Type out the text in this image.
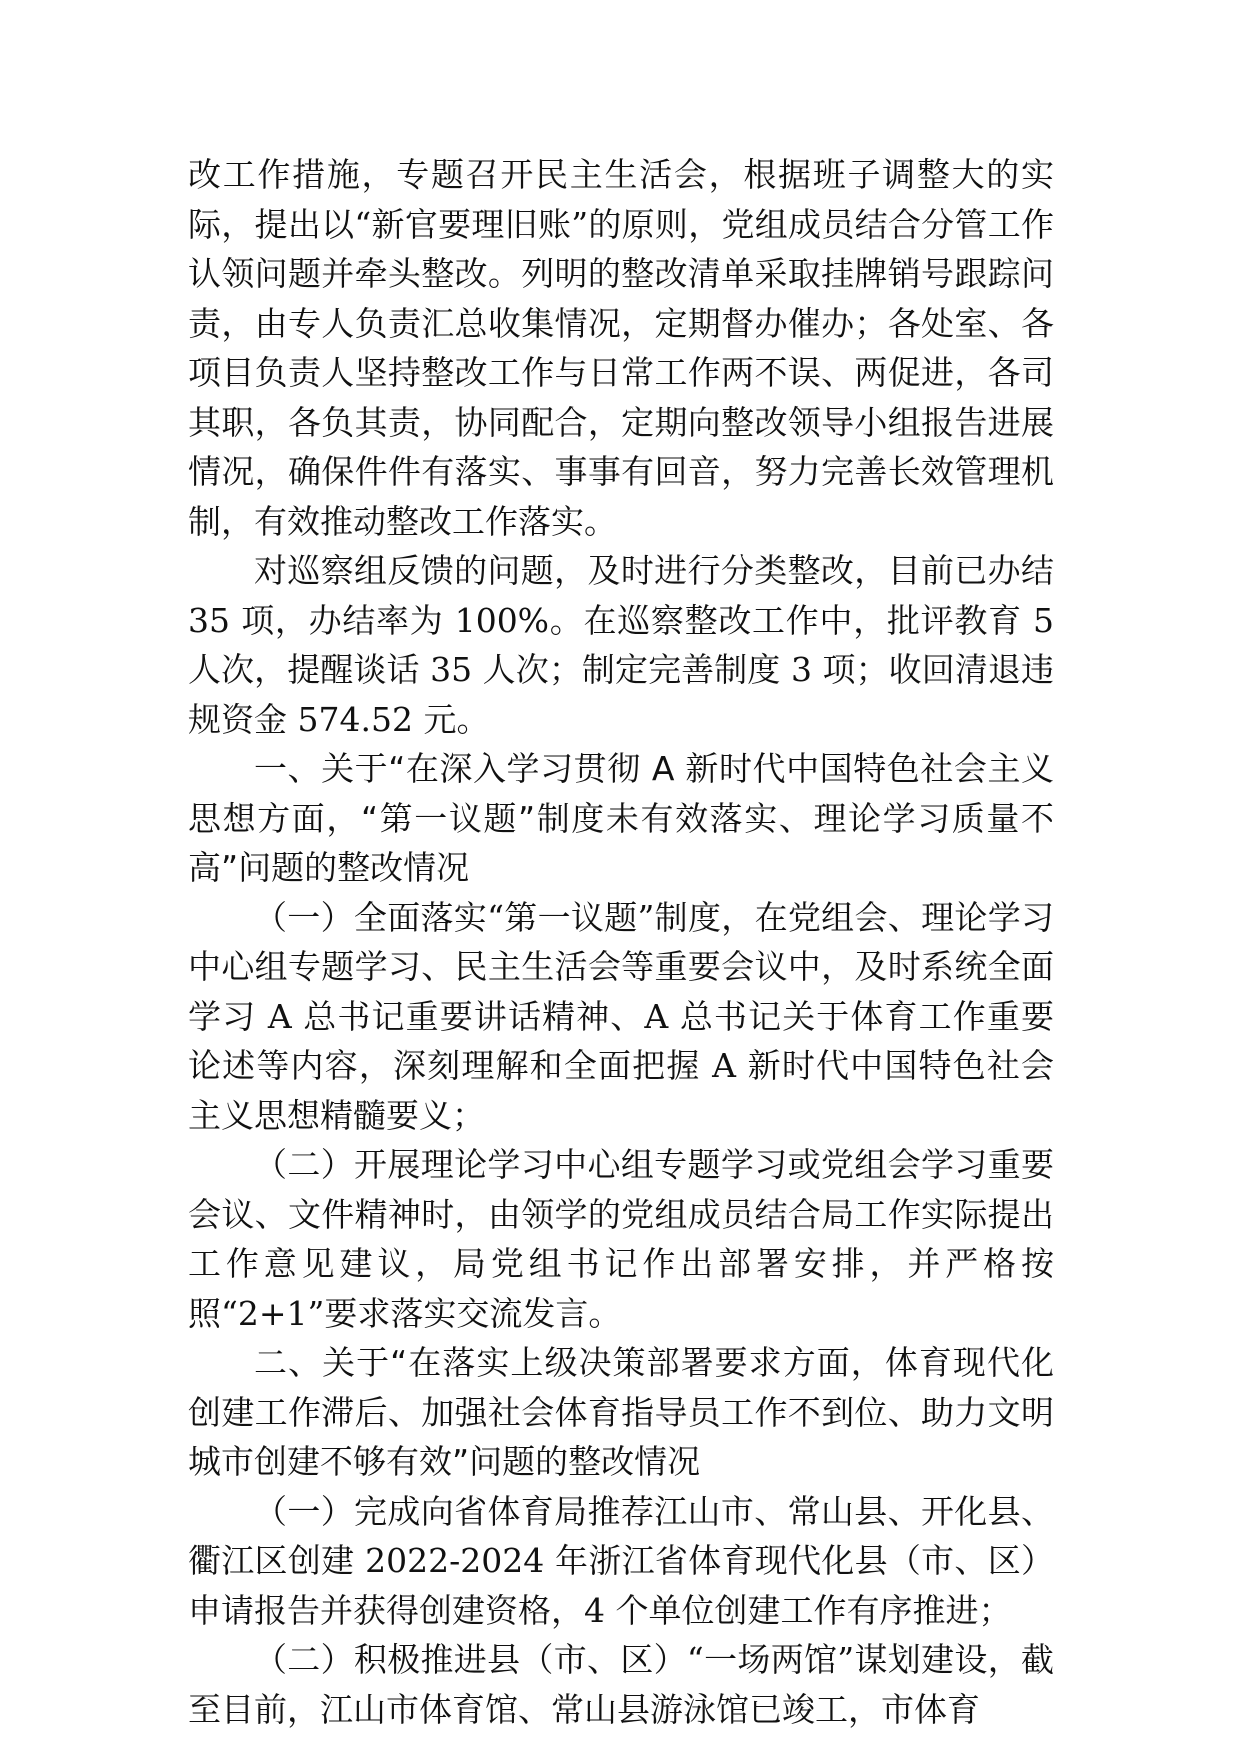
改工作措施，专题召开民主生活会，根据班子调整大的实际，提出以“新官要理旧账”的原则，党组成员结合分管工作认领问题并牵头整改。列明的整改清单采取挂牌销号跟踪问责，由专人负责汇总收集情况，定期督办催办；各处室、各项目负责人坚持整改工作与日常工作两不误、两促进，各司其职，各负其责，协同配合，定期向整改领导小组报告进展情况，确保件件有落实、事事有回音，努力完善长效管理机制，有效推动整改工作落实。

对巡察组反馈的问题，及时进行分类整改，目前已办结 35 项，办结率为 100%。在巡察整改工作中，批评教育 5 人次，提醒谈话 35 人次；制定完善制度 3 项；收回清退违规资金 574.52 元。

一、关于“在深入学习贯彻 A 新时代中国特色社会主义思想方面，“第一议题”制度未有效落实、理论学习质量不高”问题的整改情况

（一）全面落实“第一议题”制度，在党组会、理论学习中心组专题学习、民主生活会等重要会议中，及时系统全面学习 A 总书记重要讲话精神、A 总书记关于体育工作重要论述等内容，深刻理解和全面把握 A 新时代中国特色社会主义思想精髓要义；

（二）开展理论学习中心组专题学习或党组会学习重要会议、文件精神时，由领学的党组成员结合局工作实际提出工作意见建议，局党组书记作出部署安排，并严格按照“2+1”要求落实交流发言。

二、关于“在落实上级决策部署要求方面，体育现代化创建工作滞后、加强社会体育指导员工作不到位、助力文明城市创建不够有效”问题的整改情况

（一）完成向省体育局推荐江山市、常山县、开化县、衢江区创建 2022-2024 年浙江省体育现代化县（市、区）申请报告并获得创建资格，4 个单位创建工作有序推进；

（二）积极推进县（市、区）“一场两馆”谋划建设，截至目前，江山市体育馆、常山县游泳馆已竣工，市体育
